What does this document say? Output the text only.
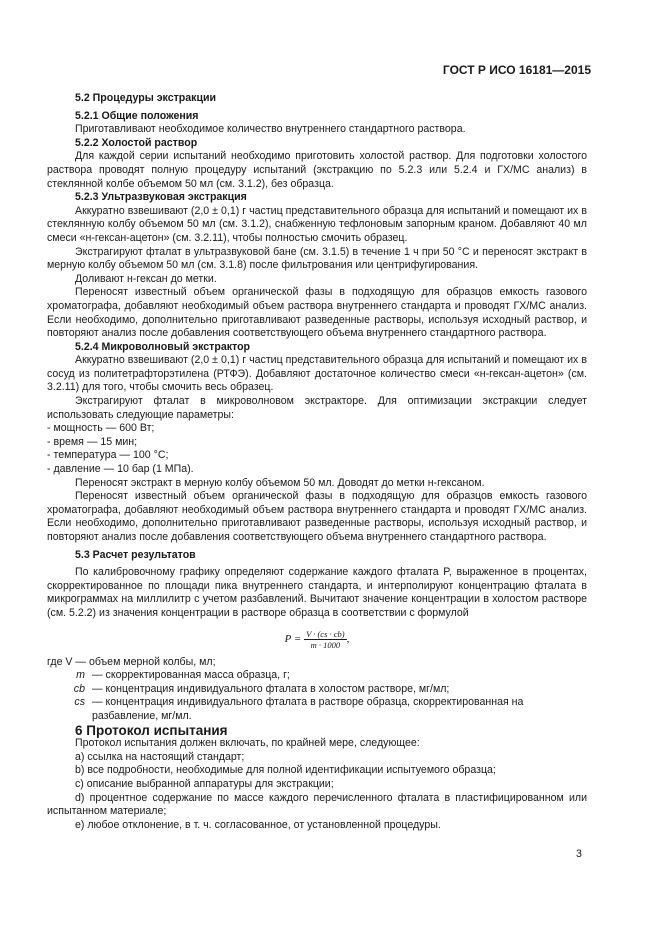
ГОСТ Р ИСО 16181—2015

5.2 Процедуры экстракции

5.2.1 Общие положения

Приготавливают необходимое количество внутреннего стандартного раствора.

5.2.2 Холостой раствор

Для каждой серии испытаний необходимо приготовить холостой раствор. Для подготовки холостого раствора проводят полную процедуру испытаний (экстракцию по 5.2.3 или 5.2.4 и ГХ/МС анализ) в стеклянной колбе объемом 50 мл (см. 3.1.2), без образца.

5.2.3 Ультразвуковая экстракция

Аккуратно взвешивают (2,0 ± 0,1) г частиц представительного образца для испытаний и помещают их в стеклянную колбу объемом 50 мл (см. 3.1.2), снабженную тефлоновым запорным краном. Добавляют 40 мл смеси «н-гексан-ацетон» (см. 3.2.11), чтобы полностью смочить образец.

Экстрагируют фталат в ультразвуковой бане (см. 3.1.5) в течение 1 ч при 50 °С и переносят экстракт в мерную колбу объемом 50 мл (см. 3.1.8) после фильтрования или центрифугирования.

Доливают н-гексан до метки.

Переносят известный объем органической фазы в подходящую для образцов емкость газового хроматографа, добавляют необходимый объем раствора внутреннего стандарта и проводят ГХ/МС анализ. Если необходимо, дополнительно приготавливают разведенные растворы, используя исходный раствор, и повторяют анализ после добавления соответствующего объема внутреннего стандартного раствора.

5.2.4 Микроволновый экстрактор

Аккуратно взвешивают (2,0 ± 0,1) г частиц представительного образца для испытаний и помещают их в сосуд из политетрафторэтилена (РТФЭ). Добавляют достаточное количество смеси «н-гексан-ацетон» (см. 3.2.11) для того, чтобы смочить весь образец.

Экстрагируют фталат в микроволновом экстракторе. Для оптимизации экстракции следует использовать следующие параметры:

- мощность — 600 Вт;

- время — 15 мин;

- температура — 100 °С;

- давление — 10 бар (1 МПа).

Переносят экстракт в мерную колбу объемом 50 мл. Доводят до метки н-гексаном.

Переносят известный объем органической фазы в подходящую для образцов емкость газового хроматографа, добавляют необходимый объем раствора внутреннего стандарта и проводят ГХ/МС анализ. Если необходимо, дополнительно приготавливают разведенные растворы, используя исходный раствор, и повторяют анализ после добавления соответствующего объема внутреннего стандартного раствора.

5.3 Расчет результатов

По калибровочному графику определяют содержание каждого фталата P, выраженное в процентах, скорректированное по площади пика внутреннего стандарта, и интерполируют концентрацию фталата в микрограммах на миллилитр с учетом разбавлений. Вычитают значение концентрации в холостом растворе (см. 5.2.2) из значения концентрации в растворе образца в соответствии с формулой

$P = \frac{V \cdot (cs \cdot cb)}{m \cdot 1000}$ ,

где V — объем мерной колбы, мл;

m — скорректированная масса образца, г;
cb — концентрация индивидуального фталата в холостом растворе, мг/мл;
cs — концентрация индивидуального фталата в растворе образца, скорректированная на разбавление, мг/мл.

6 Протокол испытания

Протокол испытания должен включать, по крайней мере, следующее:

a) ссылка на настоящий стандарт;

b) все подробности, необходимые для полной идентификации испытуемого образца;

c) описание выбранной аппаратуры для экстракции;

d) процентное содержание по массе каждого перечисленного фталата в пластифицированном или испытанном материале;

e) любое отклонение, в т. ч. согласованное, от установленной процедуры.

3
